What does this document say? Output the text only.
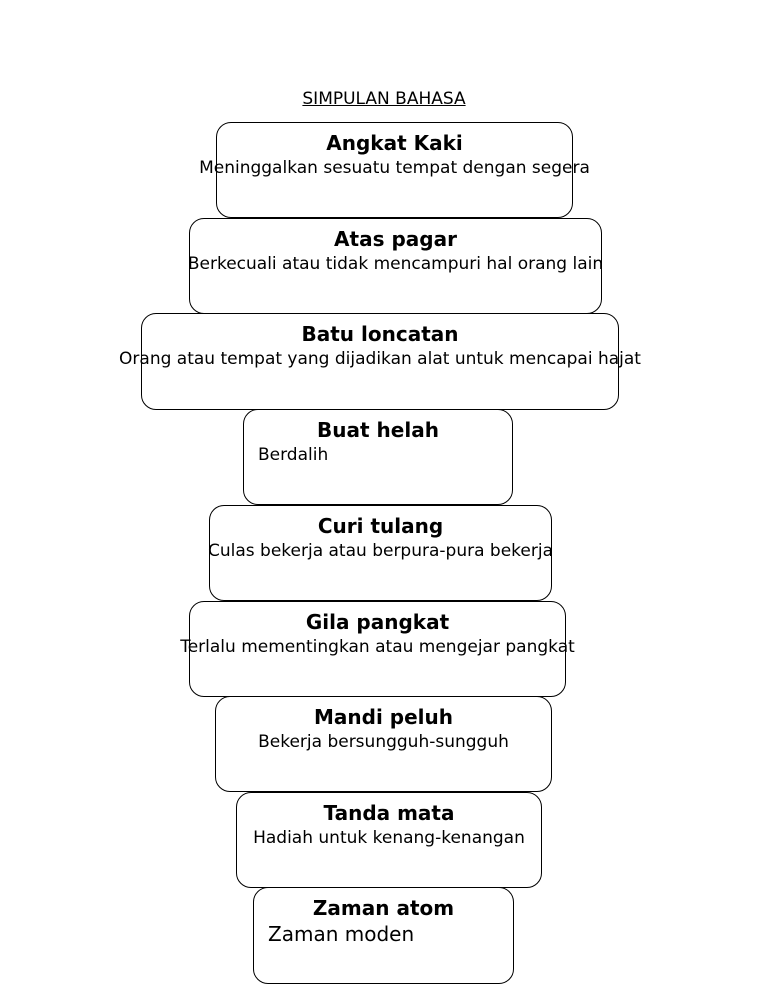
SIMPULAN BAHASA
Angkat Kaki
Meninggalkan sesuatu tempat dengan segera
Atas pagar
Berkecuali atau tidak mencampuri hal orang lain
Batu loncatan
Orang atau tempat yang dijadikan alat untuk mencapai hajat
Buat helah
Berdalih
Curi tulang
Culas bekerja atau berpura-pura bekerja
Gila pangkat
Terlalu mementingkan atau mengejar pangkat
Mandi peluh
Bekerja bersungguh-sungguh
Tanda mata
Hadiah untuk kenang-kenangan
Zaman atom
Zaman moden
